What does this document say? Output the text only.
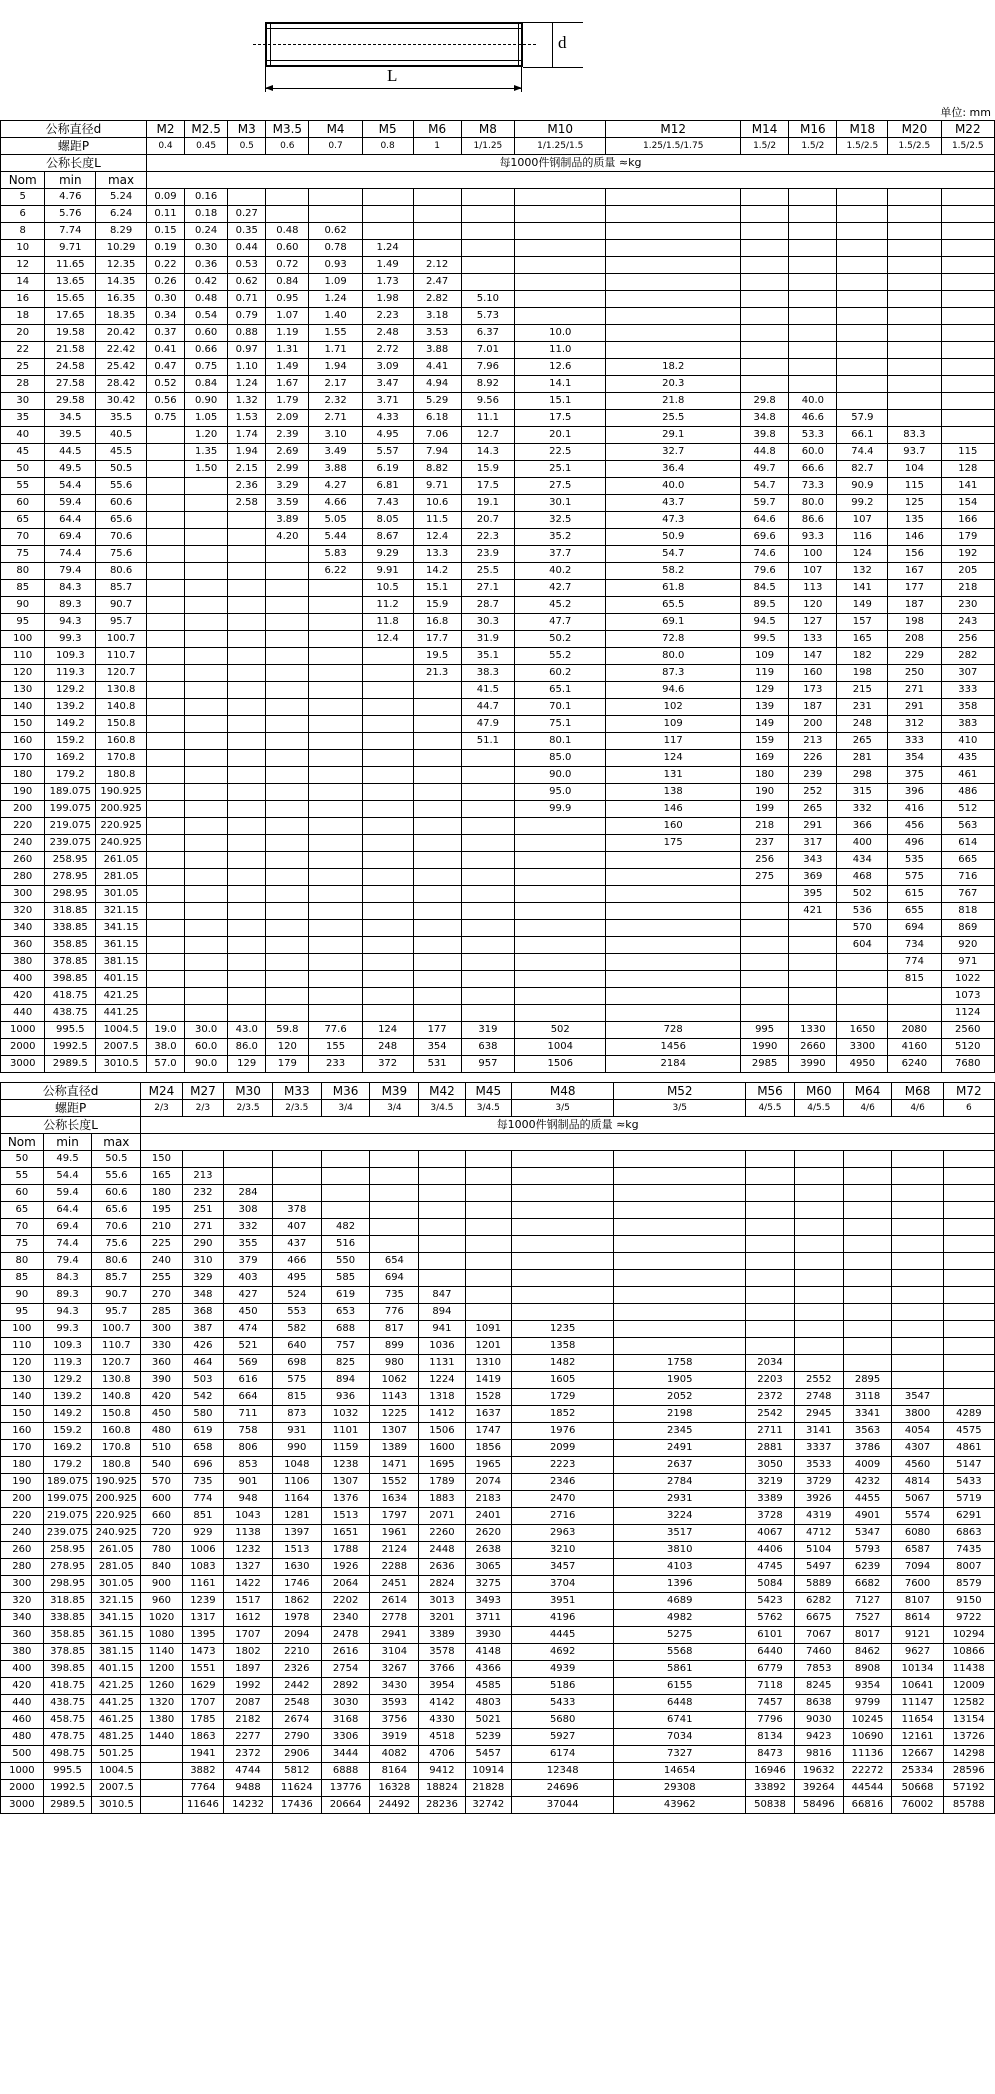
d
L
单位: mm
公称直径d			M2	M2.5	M3	M3.5	M4	M5	M6	M8	M10	M12	M14	M16	M18	M20	M22
螺距P			0.4	0.45	0.5	0.6	0.7	0.8	1	1/1.25	1/1.25/1.5	1.25/1.5/1.75	1.5/2	1.5/2	1.5/2.5	1.5/2.5	1.5/2.5
公称长度L			每1000件钢制品的质量 ≈kg														
Nom	min	max															
5	4.76	5.24	0.09	0.16													
6	5.76	6.24	0.11	0.18	0.27												
8	7.74	8.29	0.15	0.24	0.35	0.48	0.62										
10	9.71	10.29	0.19	0.30	0.44	0.60	0.78	1.24									
12	11.65	12.35	0.22	0.36	0.53	0.72	0.93	1.49	2.12								
14	13.65	14.35	0.26	0.42	0.62	0.84	1.09	1.73	2.47								
16	15.65	16.35	0.30	0.48	0.71	0.95	1.24	1.98	2.82	5.10							
18	17.65	18.35	0.34	0.54	0.79	1.07	1.40	2.23	3.18	5.73							
20	19.58	20.42	0.37	0.60	0.88	1.19	1.55	2.48	3.53	6.37	10.0						
22	21.58	22.42	0.41	0.66	0.97	1.31	1.71	2.72	3.88	7.01	11.0						
25	24.58	25.42	0.47	0.75	1.10	1.49	1.94	3.09	4.41	7.96	12.6	18.2					
28	27.58	28.42	0.52	0.84	1.24	1.67	2.17	3.47	4.94	8.92	14.1	20.3					
30	29.58	30.42	0.56	0.90	1.32	1.79	2.32	3.71	5.29	9.56	15.1	21.8	29.8	40.0			
35	34.5	35.5	0.75	1.05	1.53	2.09	2.71	4.33	6.18	11.1	17.5	25.5	34.8	46.6	57.9		
40	39.5	40.5		1.20	1.74	2.39	3.10	4.95	7.06	12.7	20.1	29.1	39.8	53.3	66.1	83.3	
45	44.5	45.5		1.35	1.94	2.69	3.49	5.57	7.94	14.3	22.5	32.7	44.8	60.0	74.4	93.7	115
50	49.5	50.5		1.50	2.15	2.99	3.88	6.19	8.82	15.9	25.1	36.4	49.7	66.6	82.7	104	128
55	54.4	55.6			2.36	3.29	4.27	6.81	9.71	17.5	27.5	40.0	54.7	73.3	90.9	115	141
60	59.4	60.6			2.58	3.59	4.66	7.43	10.6	19.1	30.1	43.7	59.7	80.0	99.2	125	154
65	64.4	65.6				3.89	5.05	8.05	11.5	20.7	32.5	47.3	64.6	86.6	107	135	166
70	69.4	70.6				4.20	5.44	8.67	12.4	22.3	35.2	50.9	69.6	93.3	116	146	179
75	74.4	75.6					5.83	9.29	13.3	23.9	37.7	54.7	74.6	100	124	156	192
80	79.4	80.6					6.22	9.91	14.2	25.5	40.2	58.2	79.6	107	132	167	205
85	84.3	85.7						10.5	15.1	27.1	42.7	61.8	84.5	113	141	177	218
90	89.3	90.7						11.2	15.9	28.7	45.2	65.5	89.5	120	149	187	230
95	94.3	95.7						11.8	16.8	30.3	47.7	69.1	94.5	127	157	198	243
100	99.3	100.7						12.4	17.7	31.9	50.2	72.8	99.5	133	165	208	256
110	109.3	110.7							19.5	35.1	55.2	80.0	109	147	182	229	282
120	119.3	120.7							21.3	38.3	60.2	87.3	119	160	198	250	307
130	129.2	130.8								41.5	65.1	94.6	129	173	215	271	333
140	139.2	140.8								44.7	70.1	102	139	187	231	291	358
150	149.2	150.8								47.9	75.1	109	149	200	248	312	383
160	159.2	160.8								51.1	80.1	117	159	213	265	333	410
170	169.2	170.8									85.0	124	169	226	281	354	435
180	179.2	180.8									90.0	131	180	239	298	375	461
190	189.075	190.925									95.0	138	190	252	315	396	486
200	199.075	200.925									99.9	146	199	265	332	416	512
220	219.075	220.925										160	218	291	366	456	563
240	239.075	240.925										175	237	317	400	496	614
260	258.95	261.05											256	343	434	535	665
280	278.95	281.05											275	369	468	575	716
300	298.95	301.05												395	502	615	767
320	318.85	321.15												421	536	655	818
340	338.85	341.15													570	694	869
360	358.85	361.15													604	734	920
380	378.85	381.15														774	971
400	398.85	401.15														815	1022
420	418.75	421.25															1073
440	438.75	441.25															1124
1000	995.5	1004.5	19.0	30.0	43.0	59.8	77.6	124	177	319	502	728	995	1330	1650	2080	2560
2000	1992.5	2007.5	38.0	60.0	86.0	120	155	248	354	638	1004	1456	1990	2660	3300	4160	5120
3000	2989.5	3010.5	57.0	90.0	129	179	233	372	531	957	1506	2184	2985	3990	4950	6240	7680
公称直径d			M24	M27	M30	M33	M36	M39	M42	M45	M48	M52	M56	M60	M64	M68	M72
螺距P			2/3	2/3	2/3.5	2/3.5	3/4	3/4	3/4.5	3/4.5	3/5	3/5	4/5.5	4/5.5	4/6	4/6	6
公称长度L			每1000件钢制品的质量 ≈kg														
Nom	min	max															
50	49.5	50.5	150														
55	54.4	55.6	165	213													
60	59.4	60.6	180	232	284												
65	64.4	65.6	195	251	308	378											
70	69.4	70.6	210	271	332	407	482										
75	74.4	75.6	225	290	355	437	516										
80	79.4	80.6	240	310	379	466	550	654									
85	84.3	85.7	255	329	403	495	585	694									
90	89.3	90.7	270	348	427	524	619	735	847								
95	94.3	95.7	285	368	450	553	653	776	894								
100	99.3	100.7	300	387	474	582	688	817	941	1091	1235						
110	109.3	110.7	330	426	521	640	757	899	1036	1201	1358						
120	119.3	120.7	360	464	569	698	825	980	1131	1310	1482	1758	2034				
130	129.2	130.8	390	503	616	575	894	1062	1224	1419	1605	1905	2203	2552	2895		
140	139.2	140.8	420	542	664	815	936	1143	1318	1528	1729	2052	2372	2748	3118	3547	
150	149.2	150.8	450	580	711	873	1032	1225	1412	1637	1852	2198	2542	2945	3341	3800	4289
160	159.2	160.8	480	619	758	931	1101	1307	1506	1747	1976	2345	2711	3141	3563	4054	4575
170	169.2	170.8	510	658	806	990	1159	1389	1600	1856	2099	2491	2881	3337	3786	4307	4861
180	179.2	180.8	540	696	853	1048	1238	1471	1695	1965	2223	2637	3050	3533	4009	4560	5147
190	189.075	190.925	570	735	901	1106	1307	1552	1789	2074	2346	2784	3219	3729	4232	4814	5433
200	199.075	200.925	600	774	948	1164	1376	1634	1883	2183	2470	2931	3389	3926	4455	5067	5719
220	219.075	220.925	660	851	1043	1281	1513	1797	2071	2401	2716	3224	3728	4319	4901	5574	6291
240	239.075	240.925	720	929	1138	1397	1651	1961	2260	2620	2963	3517	4067	4712	5347	6080	6863
260	258.95	261.05	780	1006	1232	1513	1788	2124	2448	2638	3210	3810	4406	5104	5793	6587	7435
280	278.95	281.05	840	1083	1327	1630	1926	2288	2636	3065	3457	4103	4745	5497	6239	7094	8007
300	298.95	301.05	900	1161	1422	1746	2064	2451	2824	3275	3704	1396	5084	5889	6682	7600	8579
320	318.85	321.15	960	1239	1517	1862	2202	2614	3013	3493	3951	4689	5423	6282	7127	8107	9150
340	338.85	341.15	1020	1317	1612	1978	2340	2778	3201	3711	4196	4982	5762	6675	7527	8614	9722
360	358.85	361.15	1080	1395	1707	2094	2478	2941	3389	3930	4445	5275	6101	7067	8017	9121	10294
380	378.85	381.15	1140	1473	1802	2210	2616	3104	3578	4148	4692	5568	6440	7460	8462	9627	10866
400	398.85	401.15	1200	1551	1897	2326	2754	3267	3766	4366	4939	5861	6779	7853	8908	10134	11438
420	418.75	421.25	1260	1629	1992	2442	2892	3430	3954	4585	5186	6155	7118	8245	9354	10641	12009
440	438.75	441.25	1320	1707	2087	2548	3030	3593	4142	4803	5433	6448	7457	8638	9799	11147	12582
460	458.75	461.25	1380	1785	2182	2674	3168	3756	4330	5021	5680	6741	7796	9030	10245	11654	13154
480	478.75	481.25	1440	1863	2277	2790	3306	3919	4518	5239	5927	7034	8134	9423	10690	12161	13726
500	498.75	501.25		1941	2372	2906	3444	4082	4706	5457	6174	7327	8473	9816	11136	12667	14298
1000	995.5	1004.5		3882	4744	5812	6888	8164	9412	10914	12348	14654	16946	19632	22272	25334	28596
2000	1992.5	2007.5		7764	9488	11624	13776	16328	18824	21828	24696	29308	33892	39264	44544	50668	57192
3000	2989.5	3010.5		11646	14232	17436	20664	24492	28236	32742	37044	43962	50838	58496	66816	76002	85788
